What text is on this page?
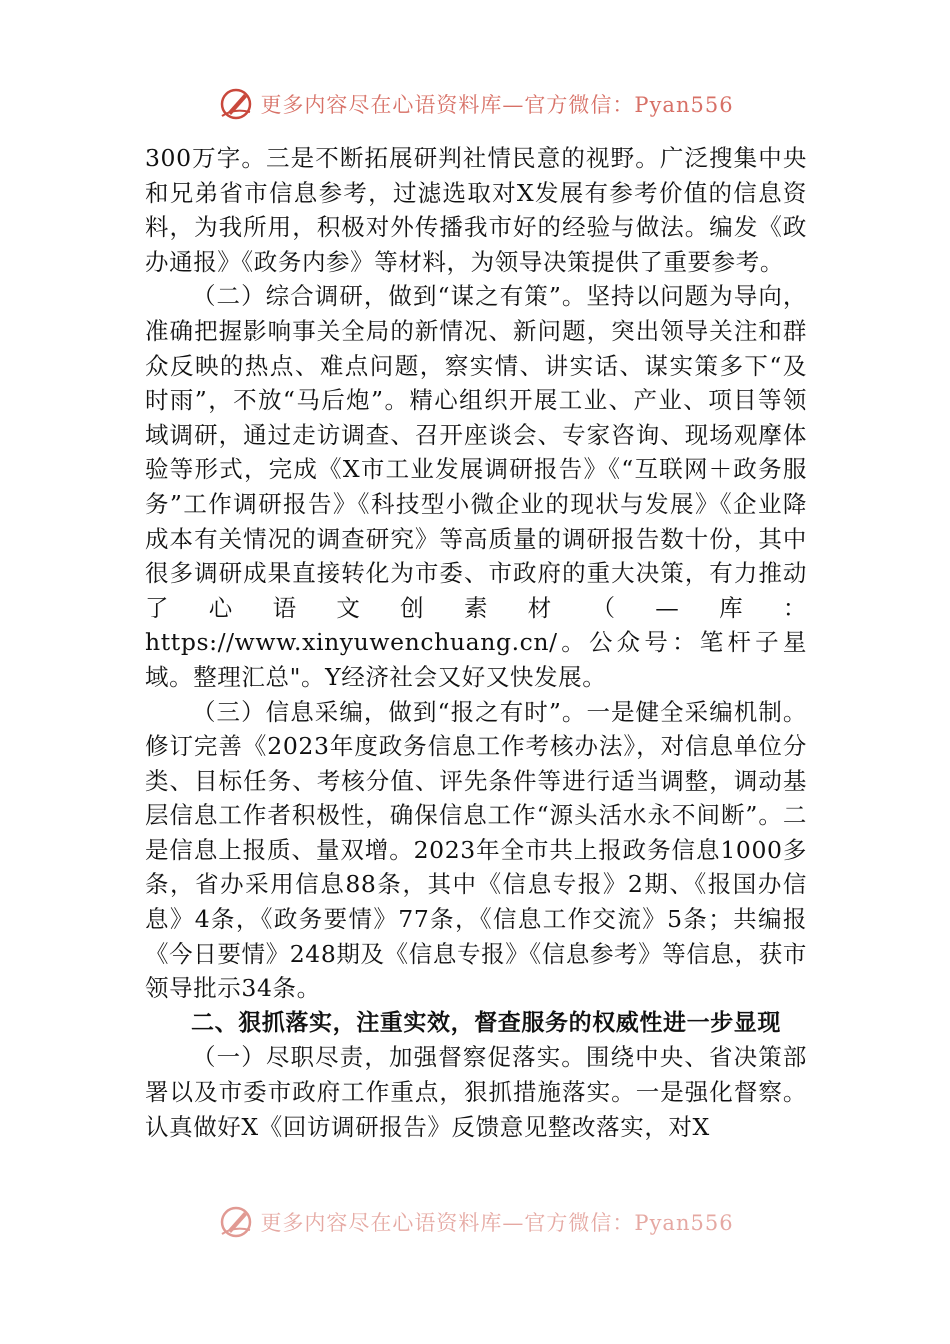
更多内容尽在心语资料库—官方微信：Pyan556

300万字。三是不断拓展研判社情民意的视野。广泛搜集中央和兄弟省市信息参考，过滤选取对X发展有参考价值的信息资料，为我所用，积极对外传播我市好的经验与做法。编发《政办通报》《政务内参》等材料，为领导决策提供了重要参考。

（二）综合调研，做到“谋之有策”。坚持以问题为导向，准确把握影响事关全局的新情况、新问题，突出领导关注和群众反映的热点、难点问题，察实情、讲实话、谋实策多下“及时雨”，不放“马后炮”。精心组织开展工业、产业、项目等领域调研，通过走访调查、召开座谈会、专家咨询、现场观摩体验等形式，完成《X市工业发展调研报告》《“互联网＋政务服务”工作调研报告》《科技型小微企业的现状与发展》《企业降成本有关情况的调查研究》等高质量的调研报告数十份，其中很多调研成果直接转化为市委、市政府的重大决策，有力推动了心语文创素材（—库：https://www.xinyuwenchuang.cn/。公众号：笔杆子星域。整理汇总"。Y经济社会又好又快发展。

（三）信息采编，做到“报之有时”。一是健全采编机制。修订完善《2023年度政务信息工作考核办法》，对信息单位分类、目标任务、考核分值、评先条件等进行适当调整，调动基层信息工作者积极性，确保信息工作“源头活水永不间断”。二是信息上报质、量双增。2023年全市共上报政务信息1000多条，省办采用信息88条，其中《信息专报》2期、《报国办信息》4条，《政务要情》77条，《信息工作交流》5条；共编报《今日要情》248期及《信息专报》《信息参考》等信息，获市领导批示34条。

二、狠抓落实，注重实效，督查服务的权威性进一步显现

（一）尽职尽责，加强督察促落实。围绕中央、省决策部署以及市委市政府工作重点，狠抓措施落实。一是强化督察。认真做好X《回访调研报告》反馈意见整改落实，对X

更多内容尽在心语资料库—官方微信：Pyan556
